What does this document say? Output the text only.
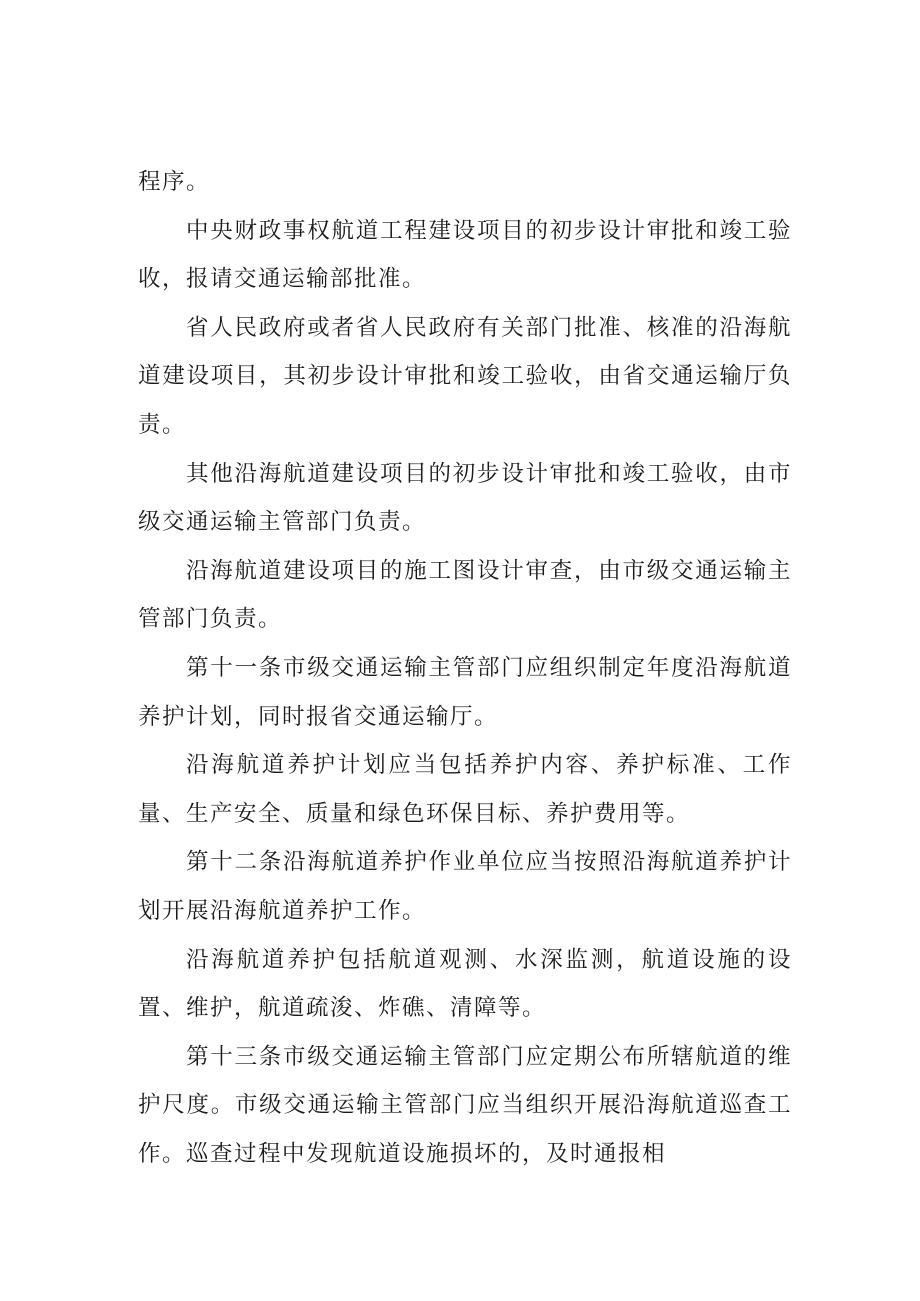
程序。

中央财政事权航道工程建设项目的初步设计审批和竣工验收，报请交通运输部批准。

省人民政府或者省人民政府有关部门批准、核准的沿海航道建设项目，其初步设计审批和竣工验收，由省交通运输厅负责。

其他沿海航道建设项目的初步设计审批和竣工验收，由市级交通运输主管部门负责。

沿海航道建设项目的施工图设计审查，由市级交通运输主管部门负责。

第十一条市级交通运输主管部门应组织制定年度沿海航道养护计划，同时报省交通运输厅。

沿海航道养护计划应当包括养护内容、养护标准、工作量、生产安全、质量和绿色环保目标、养护费用等。

第十二条沿海航道养护作业单位应当按照沿海航道养护计划开展沿海航道养护工作。

沿海航道养护包括航道观测、水深监测，航道设施的设置、维护，航道疏浚、炸礁、清障等。

第十三条市级交通运输主管部门应定期公布所辖航道的维护尺度。市级交通运输主管部门应当组织开展沿海航道巡查工作。巡查过程中发现航道设施损坏的，及时通报相
